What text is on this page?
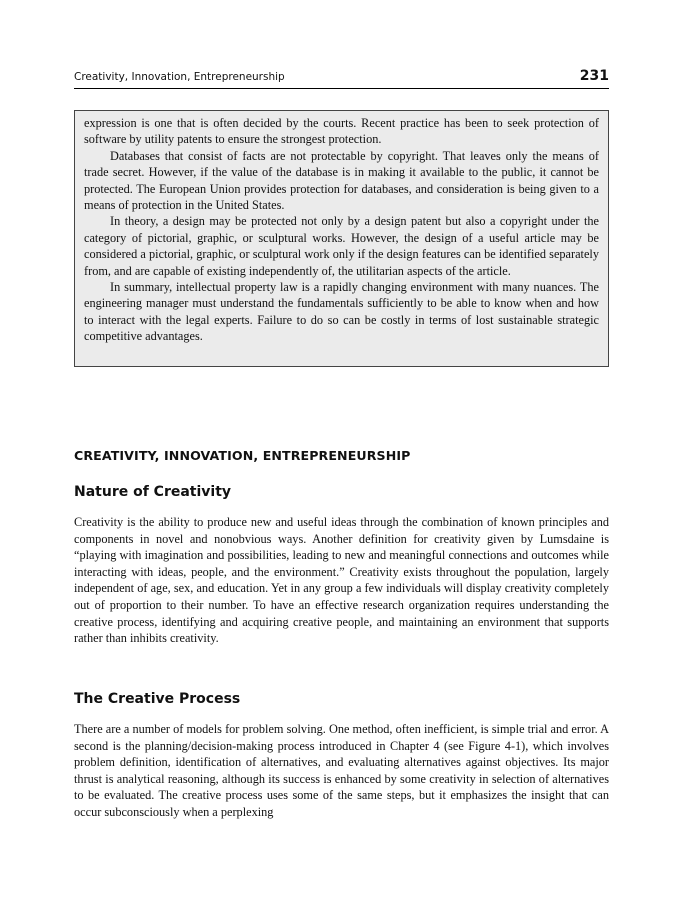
Creativity, Innovation, Entrepreneurship	231

expression is one that is often decided by the courts. Recent practice has been to seek protection of software by utility patents to ensure the strongest protection.

Databases that consist of facts are not protectable by copyright. That leaves only the means of trade secret. However, if the value of the database is in making it available to the public, it cannot be protected. The European Union provides protection for databases, and consideration is being given to a means of protection in the United States.

In theory, a design may be protected not only by a design patent but also a copyright under the category of pictorial, graphic, or sculptural works. However, the design of a useful article may be considered a pictorial, graphic, or sculptural work only if the design features can be identified separately from, and are capable of existing independently of, the utilitarian aspects of the article.

In summary, intellectual property law is a rapidly changing environment with many nuances. The engineering manager must understand the fundamentals sufficiently to be able to know when and how to interact with the legal experts. Failure to do so can be costly in terms of lost sustainable strategic competitive advantages.

CREATIVITY, INNOVATION, ENTREPRENEURSHIP
Nature of Creativity

Creativity is the ability to produce new and useful ideas through the combination of known principles and components in novel and nonobvious ways. Another definition for creativity given by Lumsdaine is “playing with imagination and possibilities, leading to new and meaningful connections and outcomes while interacting with ideas, people, and the environment.” Creativity exists throughout the population, largely independent of age, sex, and education. Yet in any group a few individuals will display creativity completely out of proportion to their number. To have an effective research organization requires understanding the creative process, identifying and acquiring creative people, and maintaining an environment that supports rather than inhibits creativity.

The Creative Process

There are a number of models for problem solving. One method, often inefficient, is simple trial and error. A second is the planning/decision-making process introduced in Chapter 4 (see Figure 4-1), which involves problem definition, identification of alternatives, and evaluating alternatives against objectives. Its major thrust is analytical reasoning, although its success is enhanced by some creativity in selection of alternatives to be evaluated. The creative process uses some of the same steps, but it emphasizes the insight that can occur subconsciously when a perplexing
